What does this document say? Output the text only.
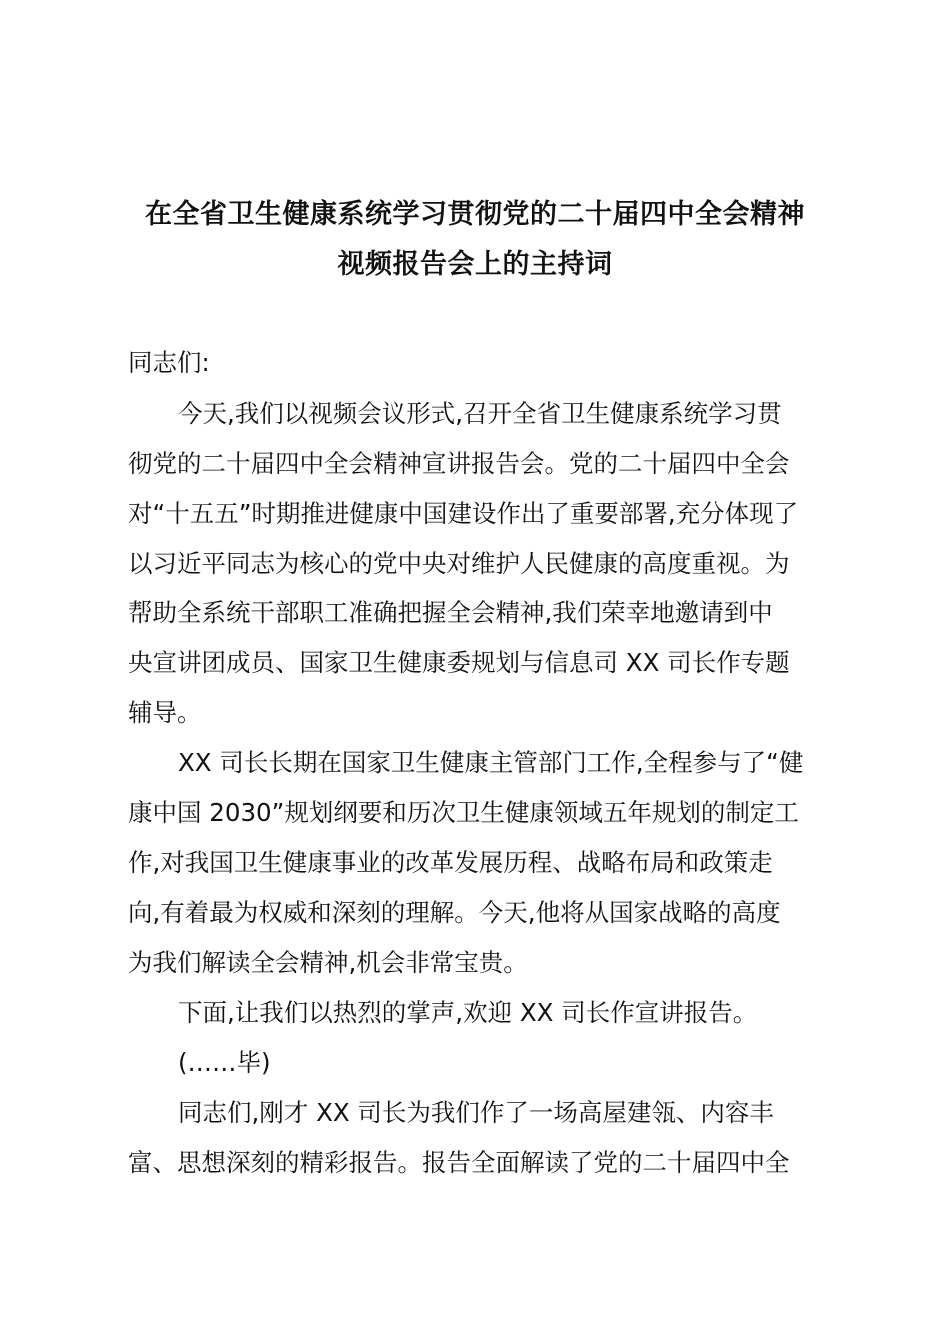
在全省卫生健康系统学习贯彻党的二十届四中全会精神
视频报告会上的主持词
同志们:
今天,我们以视频会议形式,召开全省卫生健康系统学习贯
彻党的二十届四中全会精神宣讲报告会。党的二十届四中全会
对“十五五”时期推进健康中国建设作出了重要部署,充分体现了
以习近平同志为核心的党中央对维护人民健康的高度重视。为
帮助全系统干部职工准确把握全会精神,我们荣幸地邀请到中
央宣讲团成员、国家卫生健康委规划与信息司 XX 司长作专题
辅导。
XX 司长长期在国家卫生健康主管部门工作,全程参与了“健
康中国 2030”规划纲要和历次卫生健康领域五年规划的制定工
作,对我国卫生健康事业的改革发展历程、战略布局和政策走
向,有着最为权威和深刻的理解。今天,他将从国家战略的高度
为我们解读全会精神,机会非常宝贵。
下面,让我们以热烈的掌声,欢迎 XX 司长作宣讲报告。
(……毕)
同志们,刚才 XX 司长为我们作了一场高屋建瓴、内容丰
富、思想深刻的精彩报告。报告全面解读了党的二十届四中全
